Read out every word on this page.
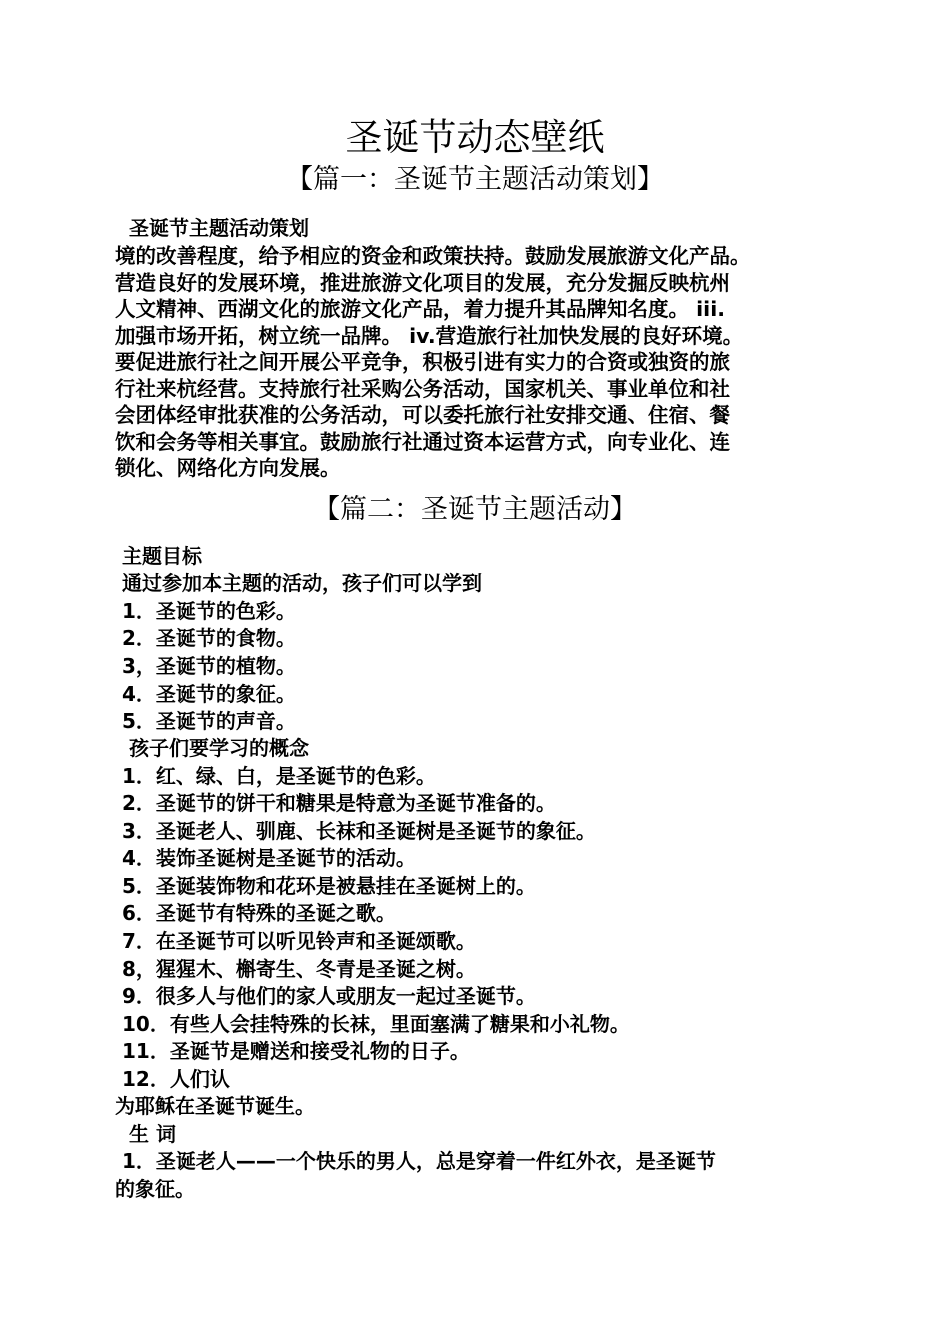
圣诞节动态壁纸
【篇一：圣诞节主题活动策划】
圣诞节主题活动策划
境的改善程度，给予相应的资金和政策扶持。鼓励发展旅游文化产品。
营造良好的发展环境，推进旅游文化项目的发展，充分发掘反映杭州
人文精神、西湖文化的旅游文化产品，着力提升其品牌知名度。 iii.
加强市场开拓，树立统一品牌。 iv.营造旅行社加快发展的良好环境。
要促进旅行社之间开展公平竞争，积极引进有实力的合资或独资的旅
行社来杭经营。支持旅行社采购公务活动，国家机关、事业单位和社
会团体经审批获准的公务活动，可以委托旅行社安排交通、住宿、餐
饮和会务等相关事宜。鼓励旅行社通过资本运营方式，向专业化、连
锁化、网络化方向发展。
【篇二：圣诞节主题活动】
主题目标
通过参加本主题的活动，孩子们可以学到
1．圣诞节的色彩。
2．圣诞节的食物。
3，圣诞节的植物。
4．圣诞节的象征。
5．圣诞节的声音。
孩子们要学习的概念
1．红、绿、白，是圣诞节的色彩。
2．圣诞节的饼干和糖果是特意为圣诞节准备的。
3．圣诞老人、驯鹿、长袜和圣诞树是圣诞节的象征。
4．装饰圣诞树是圣诞节的活动。
5．圣诞装饰物和花环是被悬挂在圣诞树上的。
6．圣诞节有特殊的圣诞之歌。
7．在圣诞节可以听见铃声和圣诞颂歌。
8，猩猩木、槲寄生、冬青是圣诞之树。
9．很多人与他们的家人或朋友一起过圣诞节。
10．有些人会挂特殊的长袜，里面塞满了糖果和小礼物。
11．圣诞节是赠送和接受礼物的日子。
12．人们认
为耶稣在圣诞节诞生。
生 词
1．圣诞老人——一个快乐的男人，总是穿着一件红外衣，是圣诞节
的象征。
